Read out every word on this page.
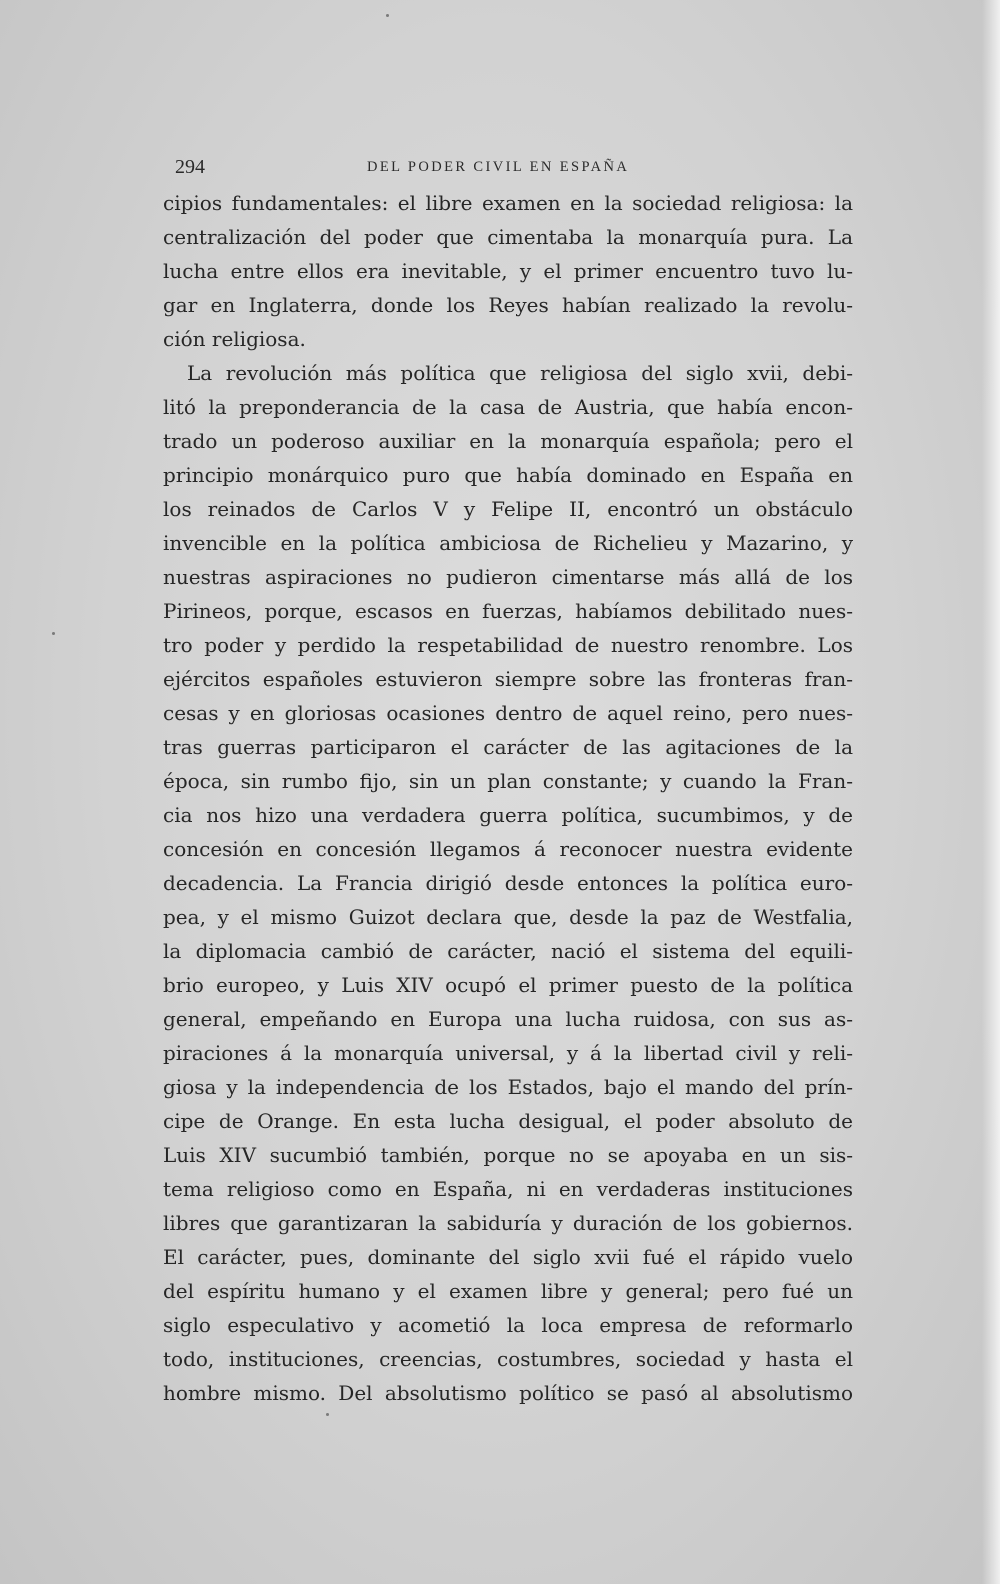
294	DEL PODER CIVIL EN ESPAÑA
cipios fundamentales: el libre examen en la sociedad religiosa: la
centralización del poder que cimentaba la monarquía pura. La
lucha entre ellos era inevitable, y el primer encuentro tuvo lu-
gar en Inglaterra, donde los Reyes habían realizado la revolu-
ción religiosa.
La revolución más política que religiosa del siglo xvii, debi-
litó la preponderancia de la casa de Austria, que había encon-
trado un poderoso auxiliar en la monarquía española; pero el
principio monárquico puro que había dominado en España en
los reinados de Carlos V y Felipe II, encontró un obstáculo
invencible en la política ambiciosa de Richelieu y Mazarino, y
nuestras aspiraciones no pudieron cimentarse más allá de los
Pirineos, porque, escasos en fuerzas, habíamos debilitado nues-
tro poder y perdido la respetabilidad de nuestro renombre. Los
ejércitos españoles estuvieron siempre sobre las fronteras fran-
cesas y en gloriosas ocasiones dentro de aquel reino, pero nues-
tras guerras participaron el carácter de las agitaciones de la
época, sin rumbo fijo, sin un plan constante; y cuando la Fran-
cia nos hizo una verdadera guerra política, sucumbimos, y de
concesión en concesión llegamos á reconocer nuestra evidente
decadencia. La Francia dirigió desde entonces la política euro-
pea, y el mismo Guizot declara que, desde la paz de Westfalia,
la diplomacia cambió de carácter, nació el sistema del equili-
brio europeo, y Luis XIV ocupó el primer puesto de la política
general, empeñando en Europa una lucha ruidosa, con sus as-
piraciones á la monarquía universal, y á la libertad civil y reli-
giosa y la independencia de los Estados, bajo el mando del prín-
cipe de Orange. En esta lucha desigual, el poder absoluto de
Luis XIV sucumbió también, porque no se apoyaba en un sis-
tema religioso como en España, ni en verdaderas instituciones
libres que garantizaran la sabiduría y duración de los gobiernos.
El carácter, pues, dominante del siglo xvii fué el rápido vuelo
del espíritu humano y el examen libre y general; pero fué un
siglo especulativo y acometió la loca empresa de reformarlo
todo, instituciones, creencias, costumbres, sociedad y hasta el
hombre mismo. Del absolutismo político se pasó al absolutismo
